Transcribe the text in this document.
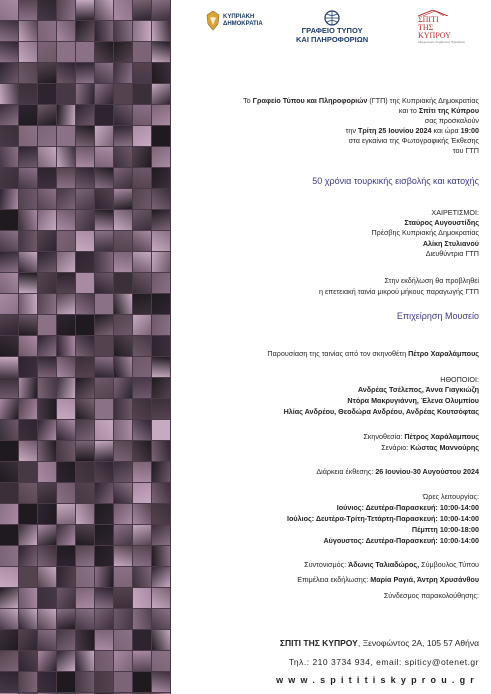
ΚΥΠΡΙΑΚΗ
ΔΗΜΟΚΡΑΤΙΑ
ΓΡΑΦΕΙΟ ΤΥΠΟΥ
ΚΑΙ ΠΛΗΡΟΦΟΡΙΩΝ
ΣΠΙΤΙ
ΤΗΣ
ΚΥΠΡΟΥ
Μορφωτικός Σύμβουλος Πρεσβείας
Το Γραφείο Τύπου και Πληροφοριών (ΓΤΠ) της Κυπριακής Δημοκρατίας
και το Σπίτι της Κύπρου
σας προσκαλούν
την Τρίτη 25 Ιουνίου 2024 και ώρα 19:00
στα εγκαίνια της Φωτογραφικής Έκθεσης
του ΓΤΠ
50 χρόνια τουρκικής εισβολής και κατοχής
ΧΑΙΡΕΤΙΣΜΟΙ:
Σταύρος Αυγουστίδης
Πρέσβης Κυπριακής Δημοκρατίας
Αλίκη Στυλιανού
Διευθύντρια ΓΤΠ
Στην εκδήλωση θα προβληθεί
η επετειακή ταινία μικρού μήκους παραγωγής ΓΤΠ
Επιχείρηση Μουσείο
Παρουσίαση της ταινίας από τον σκηνοθέτη Πέτρο Χαραλάμπους
ΗΘΟΠΟΙΟΙ:
Ανδρέας Τσέλεπος, Άννα Γιαγκιώζη
Ντόρα Μακρυγιάννη, Έλενα Ολυμπίου
Ηλίας Ανδρέου, Θεοδώρα Ανδρέου, Ανδρέας Κουτσόφτας
Σκηνοθεσία: Πέτρος Χαράλαμπους
Σενάριο: Κώστας Μαννούρης
Διάρκεια έκθεσης: 26 Ιουνίου-30 Αυγούστου 2024
Ώρες λειτουργίας:
Ιούνιος: Δευτέρα-Παρασκευή: 10:00-14:00
Ιούλιος: Δευτέρα-Τρίτη-Τετάρτη-Παρασκευή: 10:00-14:00
Πέμπτη 10:00-18:00
Αύγουστος: Δευτέρα-Παρασκευή: 10:00-14:00
Συντονισμός: Άδωνις Ταλιαδώρος, Σύμβουλος Τύπου
Επιμέλεια εκδήλωσης: Μαρία Ραγιά, Άντρη Χρυσάνθου
Σύνδεσμος παρακολούθησης:
ΣΠΙΤΙ ΤΗΣ ΚΥΠΡΟΥ, Ξενοφώντος 2Α, 105 57 Αθήνα
Τηλ.: 210 3734 934, email: spiticy@otenet.gr
www.spititiskyprou.gr
